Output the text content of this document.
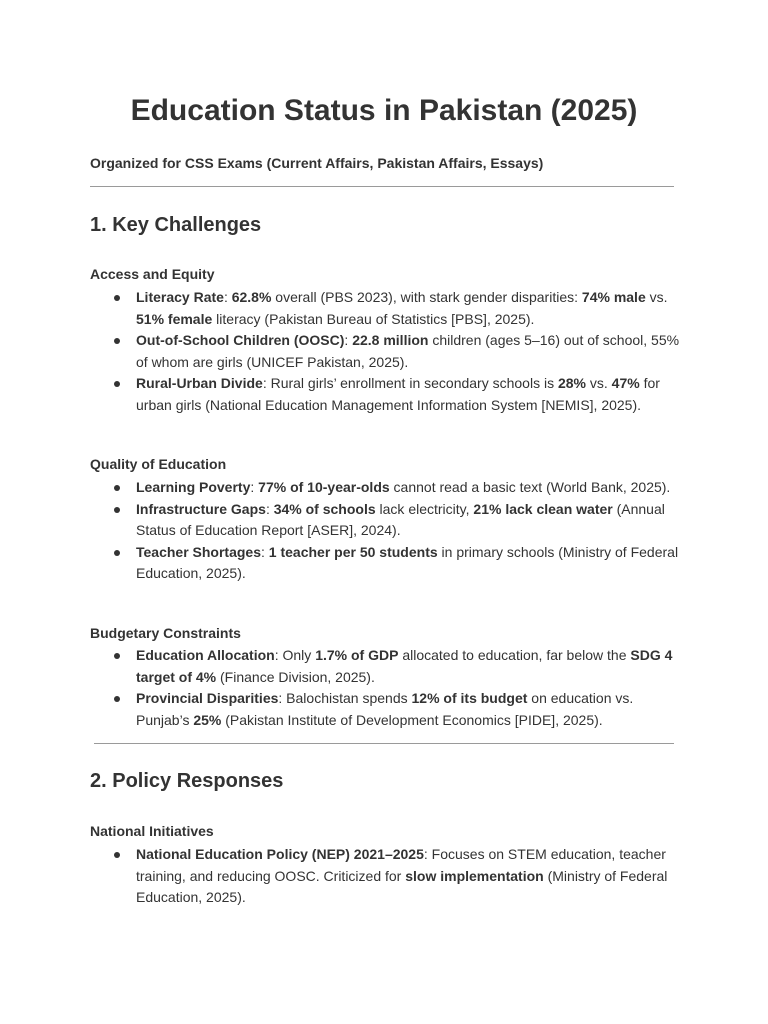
Education Status in Pakistan (2025)

Organized for CSS Exams (Current Affairs, Pakistan Affairs, Essays)

1. Key Challenges
Access and Equity
Literacy Rate: 62.8% overall (PBS 2023), with stark gender disparities: 74% male vs. 51% female literacy (Pakistan Bureau of Statistics [PBS], 2025).
Out-of-School Children (OOSC): 22.8 million children (ages 5–16) out of school, 55% of whom are girls (UNICEF Pakistan, 2025).
Rural-Urban Divide: Rural girls’ enrollment in secondary schools is 28% vs. 47% for urban girls (National Education Management Information System [NEMIS], 2025).
Quality of Education
Learning Poverty: 77% of 10-year-olds cannot read a basic text (World Bank, 2025).
Infrastructure Gaps: 34% of schools lack electricity, 21% lack clean water (Annual Status of Education Report [ASER], 2024).
Teacher Shortages: 1 teacher per 50 students in primary schools (Ministry of Federal Education, 2025).
Budgetary Constraints
Education Allocation: Only 1.7% of GDP allocated to education, far below the SDG 4 target of 4% (Finance Division, 2025).
Provincial Disparities: Balochistan spends 12% of its budget on education vs. Punjab’s 25% (Pakistan Institute of Development Economics [PIDE], 2025).
2. Policy Responses
National Initiatives
National Education Policy (NEP) 2021–2025: Focuses on STEM education, teacher training, and reducing OOSC. Criticized for slow implementation (Ministry of Federal Education, 2025).
